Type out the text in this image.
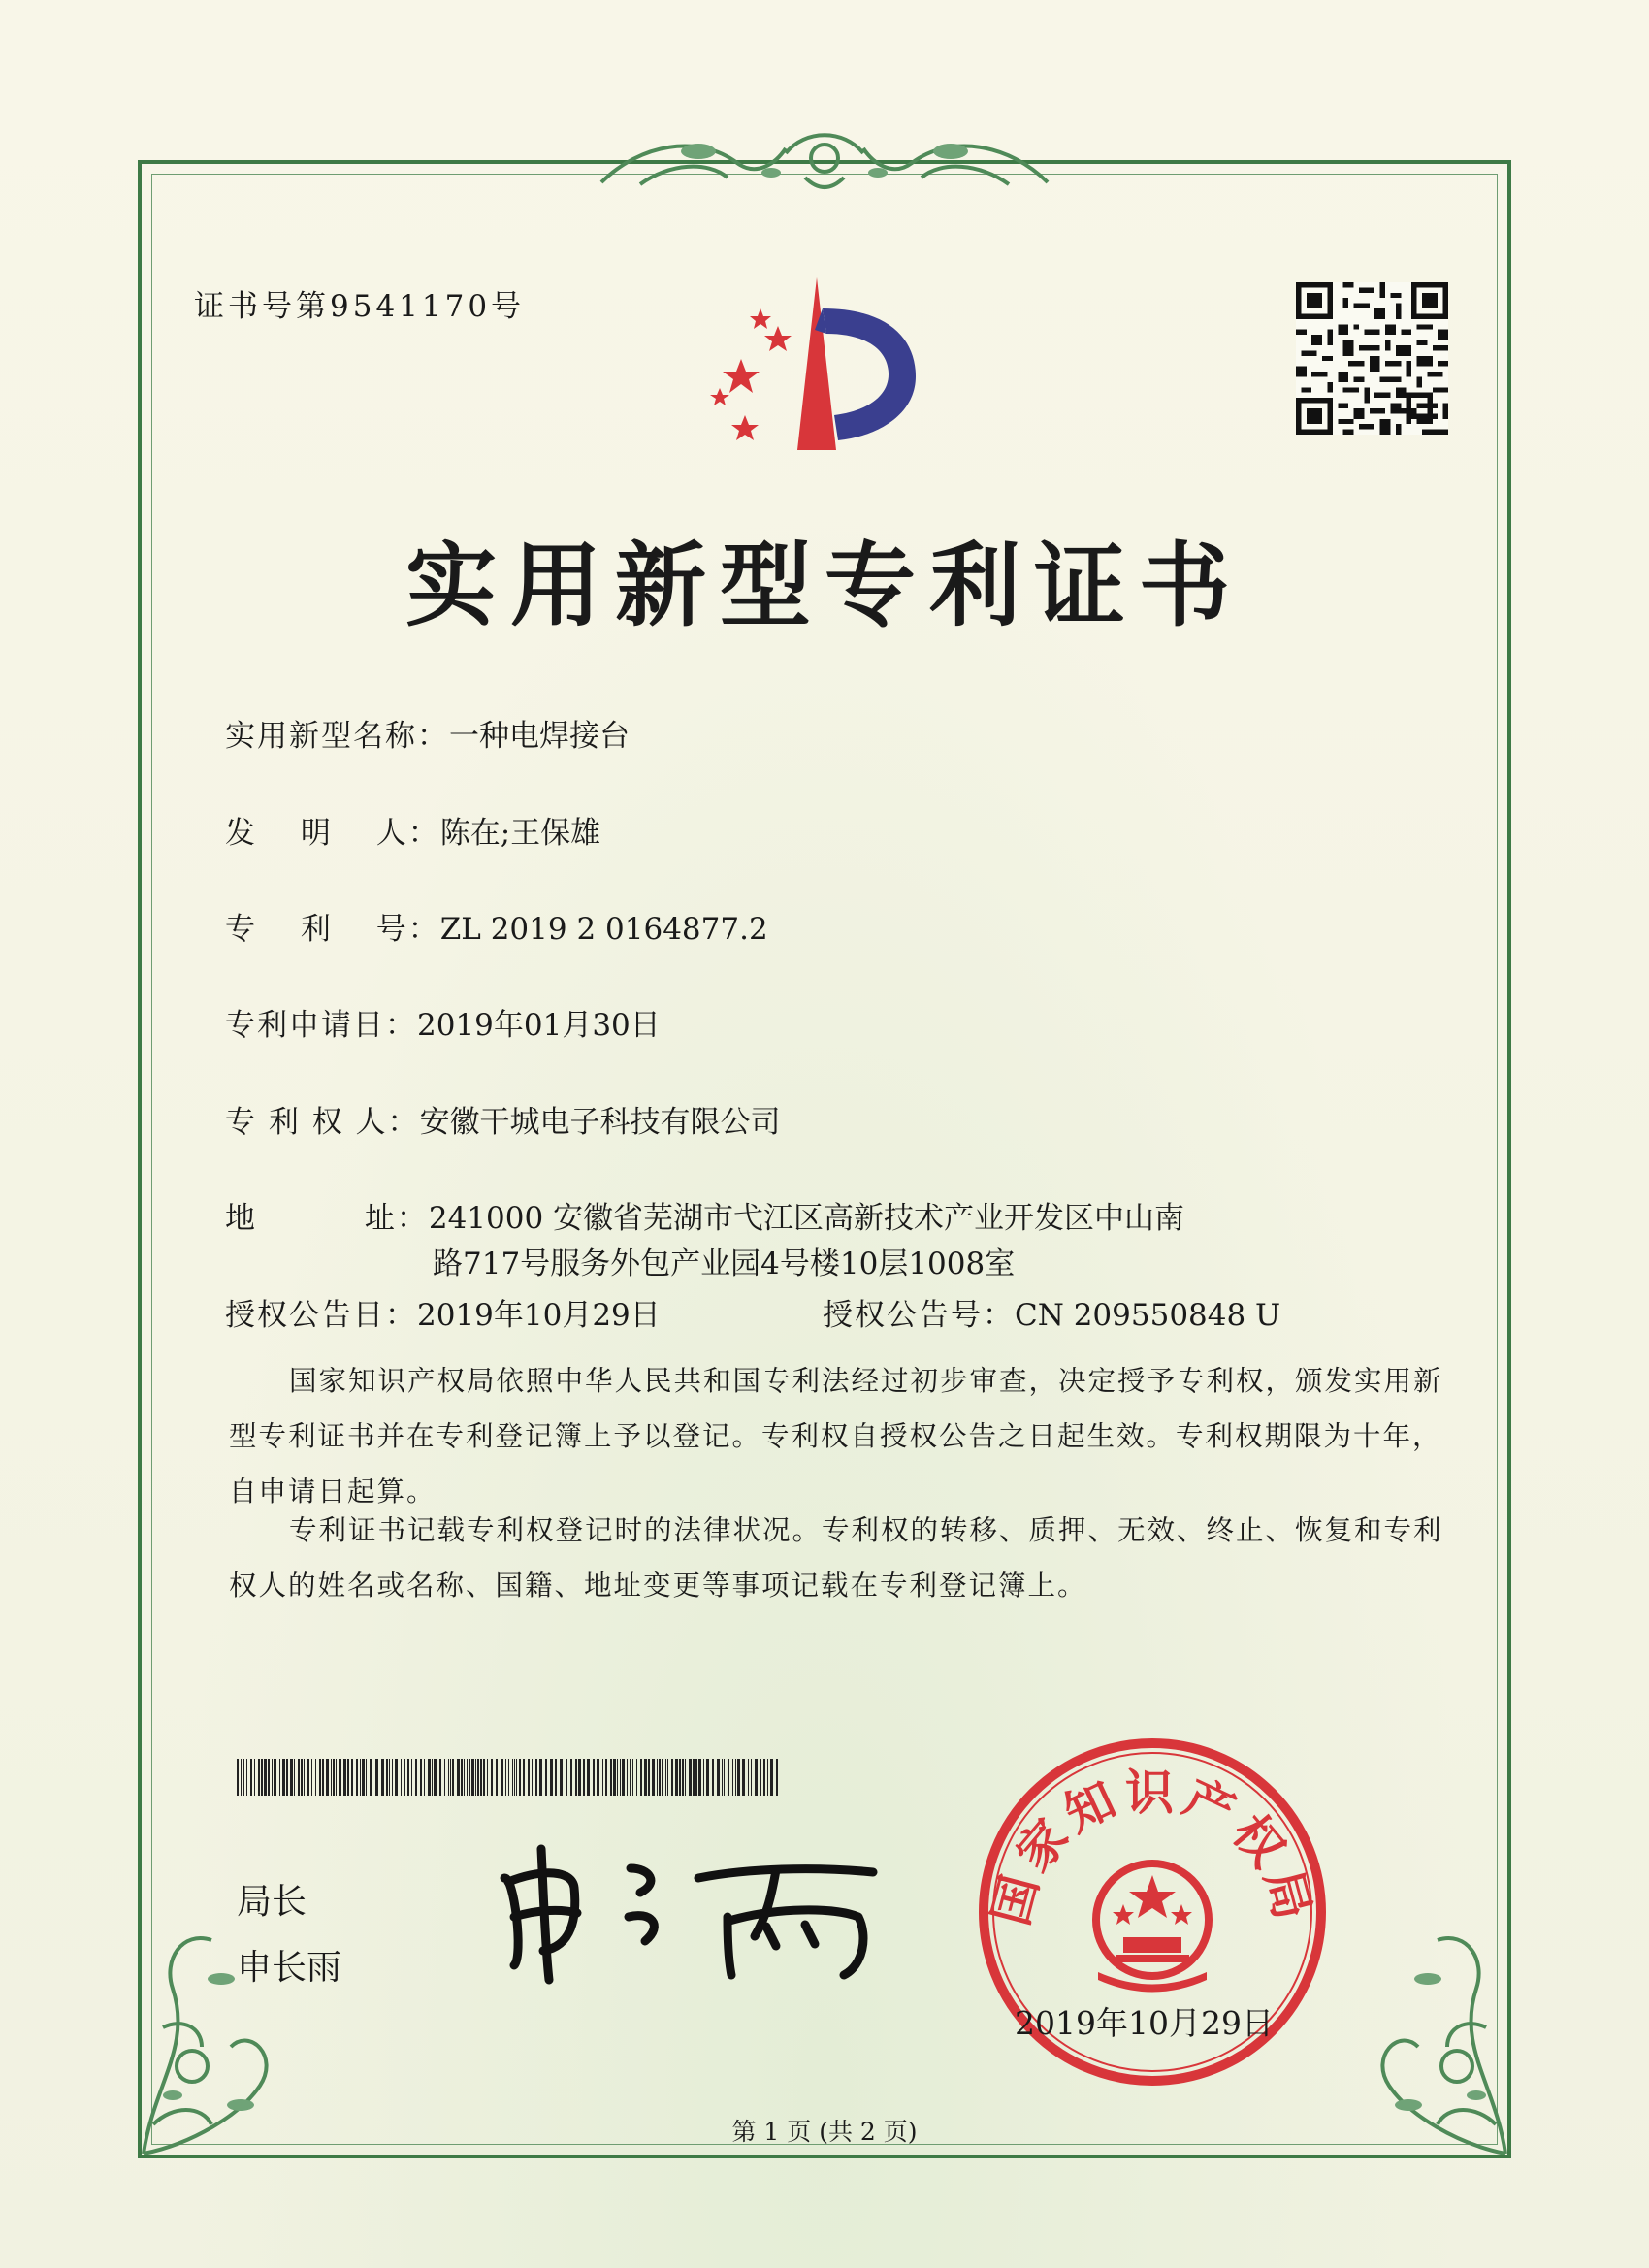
证书号第9541170号
实用新型专利证书
实用新型名称：一种电焊接台
发　 明　 人：陈在;王保雄
专　 利　 号：ZL 2019 2 0164877.2
专利申请日：2019年01月30日
专 利 权 人：安徽干城电子科技有限公司
地　　　 址：241000 安徽省芜湖市弋江区高新技术产业开发区中山南
路717号服务外包产业园4号楼10层1008室
授权公告日：2019年10月29日	授权公告号：CN 209550848 U
国家知识产权局依照中华人民共和国专利法经过初步审查，决定授予专利权，颁发实用新型专利证书并在专利登记簿上予以登记。专利权自授权公告之日起生效。专利权期限为十年，自申请日起算。
专利证书记载专利权登记时的法律状况。专利权的转移、质押、无效、终止、恢复和专利权人的姓名或名称、国籍、地址变更等事项记载在专利登记簿上。
局长
申长雨
国家知识产权局
2019年10月29日
第 1 页 (共 2 页)
